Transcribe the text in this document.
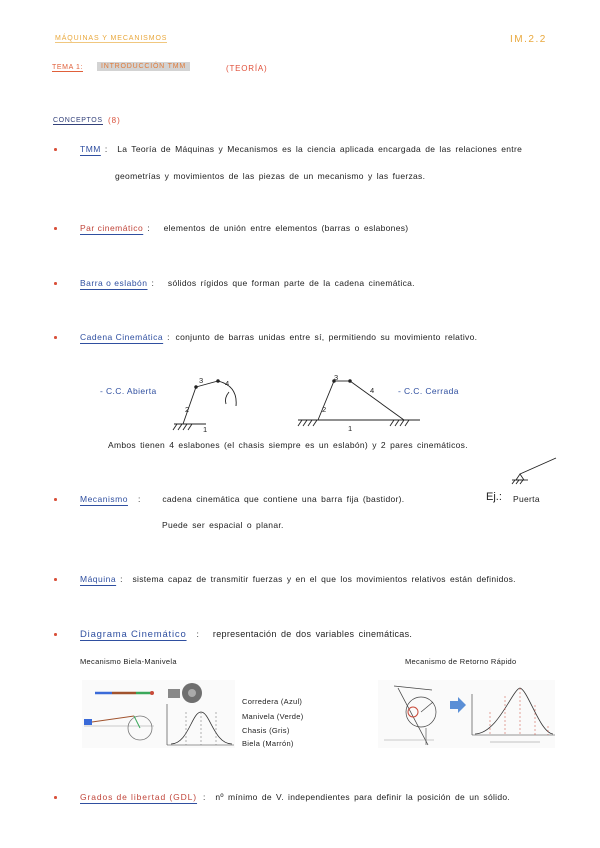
MÁQUINAS Y MECANISMOS	IM.2.2
TEMA 1:	INTRODUCCIÓN TMM	(TEORÍA)
CONCEPTOS (8)
TMM : La Teoría de Máquinas y Mecanismos es la ciencia aplicada encargada de las relaciones entre
geometrías y movimientos de las piezas de un mecanismo y las fuerzas.
Par cinemático : elementos de unión entre elementos (barras o eslabones)
Barra o eslabón : sólidos rígidos que forman parte de la cadena cinemática.
Cadena Cinemática : conjunto de barras unidas entre sí, permitiendo su movimiento relativo.
- C.C. Abierta	- C.C. Cerrada
1
2
3	4
1
2
3
4
Ambos tienen 4 eslabones (el chasis siempre es un eslabón) y 2 pares cinemáticos.
Mecanismo :	cadena cinemática que contiene una barra fija (bastidor).	Ej.: Puerta
Puede ser espacial o planar.
Máquina : sistema capaz de transmitir fuerzas y en el que los movimientos relativos están definidos.
Diagrama Cinemático : representación de dos variables cinemáticas.
Mecanismo Biela-Manivela	Mecanismo de Retorno Rápido
Corredera (Azul)
Manivela (Verde)
Chasis (Gris)
Biela (Marrón)
Grados de libertad (GDL) : nº mínimo de V. independientes para definir la posición de un sólido.
